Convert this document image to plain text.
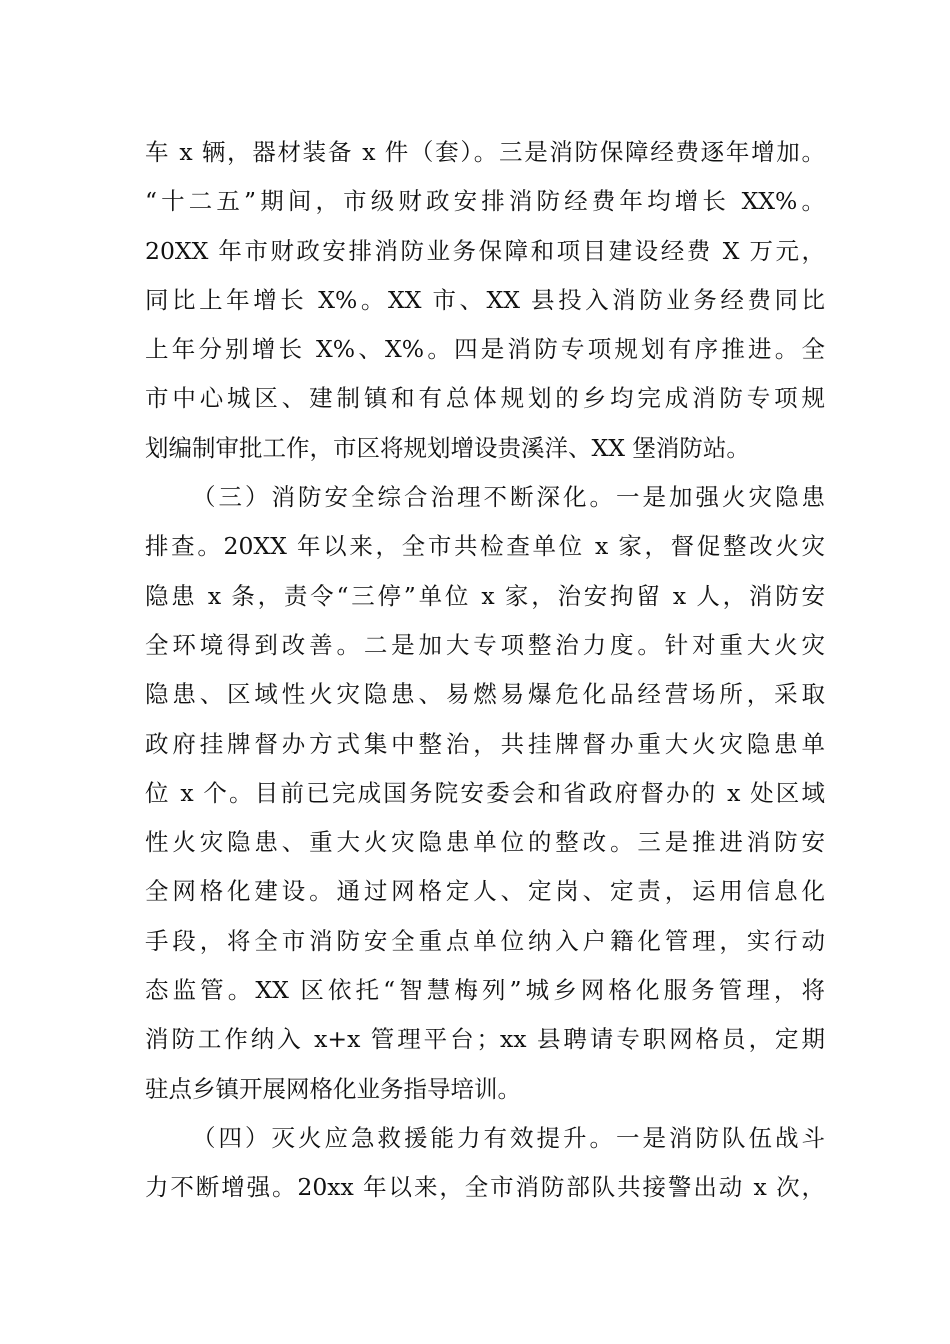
车 x 辆，器材装备 x 件（套）。三是消防保障经费逐年增加。
“十二五”期间，市级财政安排消防经费年均增长 XX%。
20XX 年市财政安排消防业务保障和项目建设经费 X 万元，
同比上年增长 X%。XX 市、XX 县投入消防业务经费同比
上年分别增长 X%、X%。四是消防专项规划有序推进。全
市中心城区、建制镇和有总体规划的乡均完成消防专项规
划编制审批工作，市区将规划增设贵溪洋、XX 堡消防站。
（三）消防安全综合治理不断深化。一是加强火灾隐患
排查。20XX 年以来，全市共检查单位 x 家，督促整改火灾
隐患 x 条，责令“三停”单位 x 家，治安拘留 x 人，消防安
全环境得到改善。二是加大专项整治力度。针对重大火灾
隐患、区域性火灾隐患、易燃易爆危化品经营场所，采取
政府挂牌督办方式集中整治，共挂牌督办重大火灾隐患单
位 x 个。目前已完成国务院安委会和省政府督办的 x 处区域
性火灾隐患、重大火灾隐患单位的整改。三是推进消防安
全网格化建设。通过网格定人、定岗、定责，运用信息化
手段，将全市消防安全重点单位纳入户籍化管理，实行动
态监管。XX 区依托“智慧梅列”城乡网格化服务管理，将
消防工作纳入 x+x 管理平台；xx 县聘请专职网格员，定期
驻点乡镇开展网格化业务指导培训。
（四）灭火应急救援能力有效提升。一是消防队伍战斗
力不断增强。20xx 年以来，全市消防部队共接警出动 x 次，
